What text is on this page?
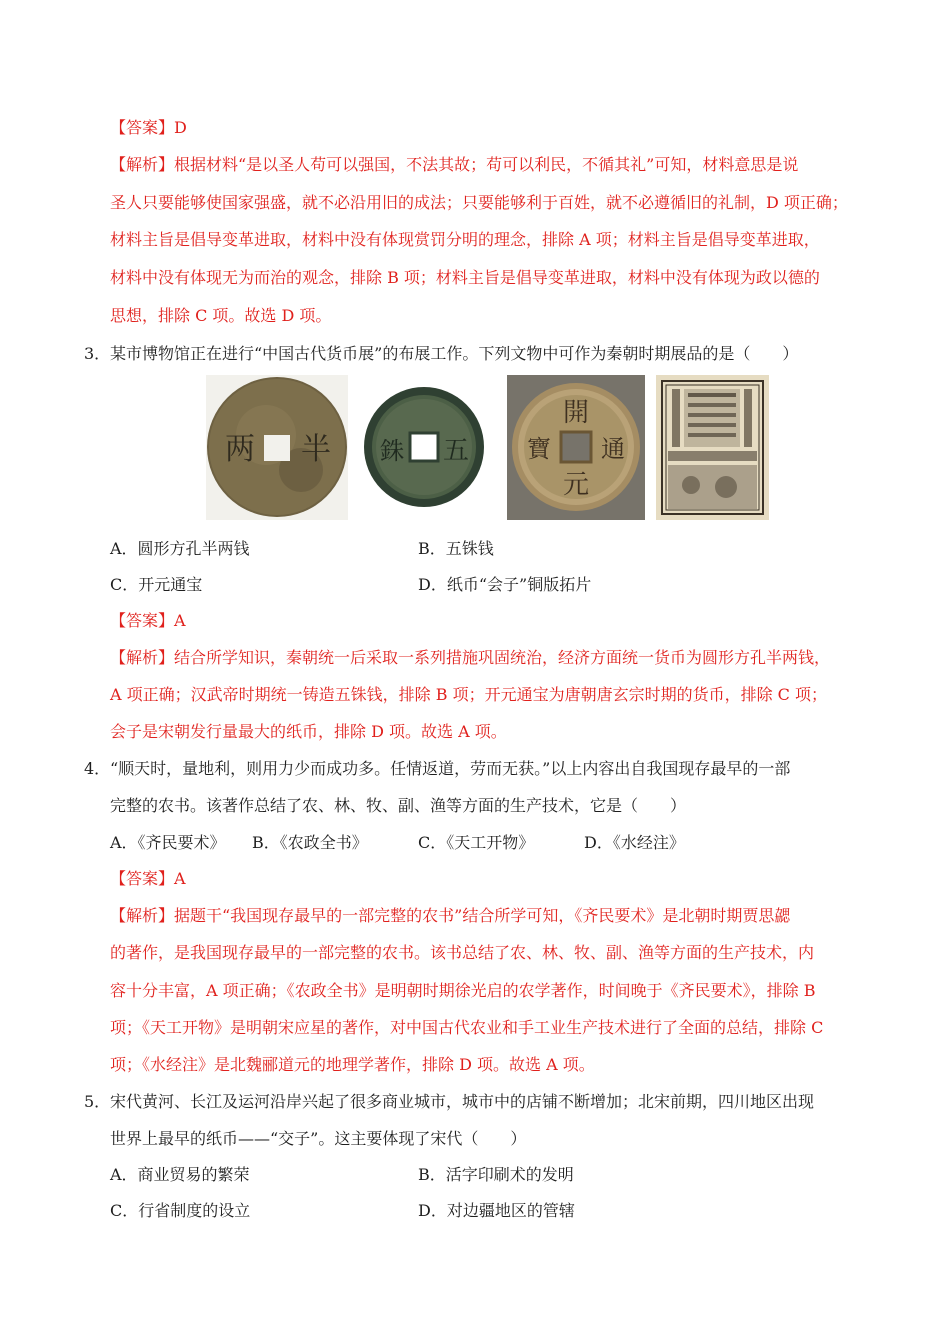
【答案】D
【解析】根据材料“是以圣人苟可以强国，不法其故；苟可以利民，不循其礼”可知，材料意思是说
圣人只要能够使国家强盛，就不必沿用旧的成法；只要能够利于百姓，就不必遵循旧的礼制，D 项正确；
材料主旨是倡导变革进取，材料中没有体现赏罚分明的理念，排除 A 项；材料主旨是倡导变革进取，
材料中没有体现无为而治的观念，排除 B 项；材料主旨是倡导变革进取，材料中没有体现为政以德的
思想，排除 C 项。故选 D 项。
3． 某市博物馆正在进行“中国古代货币展”的布展工作。下列文物中可作为秦朝时期展品的是（　　）
两 半 銖 五
開
通
元
寶
A．圆形方孔半两钱	B．五铢钱
C．开元通宝	D．纸币“会子”铜版拓片
【答案】A
【解析】结合所学知识，秦朝统一后采取一系列措施巩固统治，经济方面统一货币为圆形方孔半两钱，
A 项正确；汉武帝时期统一铸造五铢钱，排除 B 项；开元通宝为唐朝唐玄宗时期的货币，排除 C 项；
会子是宋朝发行量最大的纸币，排除 D 项。故选 A 项。
4． “顺天时，量地利，则用力少而成功多。任情返道，劳而无获。”以上内容出自我国现存最早的一部
完整的农书。该著作总结了农、林、牧、副、渔等方面的生产技术，它是（　　）
A．《齐民要术》 B．《农政全书》	C．《天工开物》	D．《水经注》
【答案】A
【解析】据题干“我国现存最早的一部完整的农书”结合所学可知，《齐民要术》是北朝时期贾思勰
的著作，是我国现存最早的一部完整的农书。该书总结了农、林、牧、副、渔等方面的生产技术，内
容十分丰富，A 项正确；《农政全书》是明朝时期徐光启的农学著作，时间晚于《齐民要术》，排除 B
项；《天工开物》是明朝宋应星的著作，对中国古代农业和手工业生产技术进行了全面的总结，排除 C
项；《水经注》是北魏郦道元的地理学著作，排除 D 项。故选 A 项。
5． 宋代黄河、长江及运河沿岸兴起了很多商业城市，城市中的店铺不断增加；北宋前期，四川地区出现
世界上最早的纸币——“交子”。这主要体现了宋代（　　）
A．商业贸易的繁荣	B．活字印刷术的发明
C．行省制度的设立	D．对边疆地区的管辖
